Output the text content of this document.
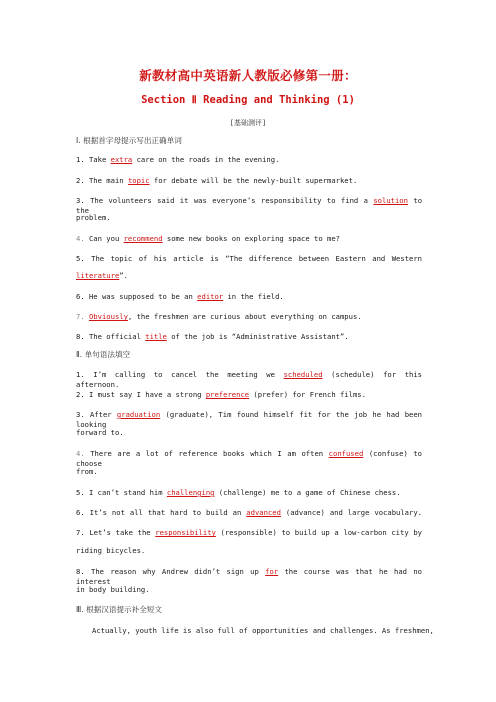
新教材高中英语新人教版必修第一册：
Section Ⅱ Reading and Thinking (1)
[基础测评]
Ⅰ. 根据首字母提示写出正确单词
1. Take extra care on the roads in the evening.
2. The main topic for debate will be the newly-built supermarket.
3. The volunteers said it was everyone’s responsibility to find a solution to the
problem.
4. Can you recommend some new books on exploring space to me?
5. The topic of his article is “The difference between Eastern and Western
literature”.
6. He was supposed to be an editor in the field.
7. Obviously, the freshmen are curious about everything on campus.
8. The official title of the job is “Administrative Assistant”.
Ⅱ. 单句语法填空
1. I’m calling to cancel the meeting we scheduled (schedule) for this afternoon.
2. I must say I have a strong preference (prefer) for French films.
3. After graduation (graduate), Tim found himself fit for the job he had been looking
forward to.
4. There are a lot of reference books which I am often confused (confuse) to choose
from.
5. I can’t stand him challenging (challenge) me to a game of Chinese chess.
6. It’s not all that hard to build an advanced (advance) and large vocabulary.
7. Let’s take the responsibility (responsible) to build up a low-carbon city by
riding bicycles.
8. The reason why Andrew didn’t sign up for the course was that he had no interest
in body building.
Ⅲ. 根据汉语提示补全短文
Actually, youth life is also full of opportunities and challenges. As freshmen,
